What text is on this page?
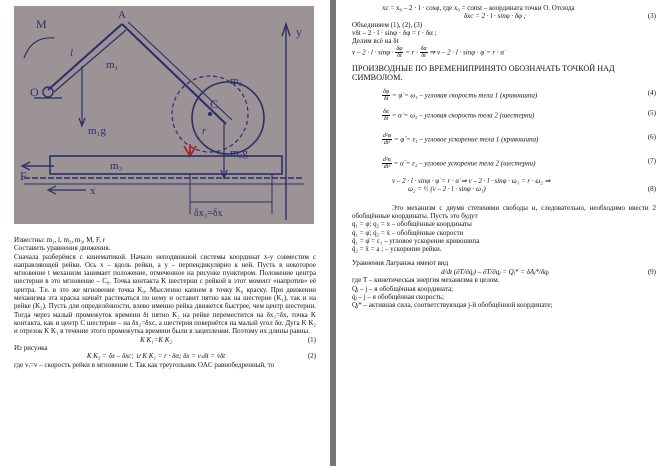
M
A
l
m₁
O
m₁g
C
m₂
r
m₂g
y
F
x
m₃
δx₃=δx

Известны: m₁, l, m₂, m₃, M, F, r

Составить уравнения движения.

Сначала разберёмся с кинематикой. Начало неподвижной системы координат x-y совместим с направляющей рейки. Ось x – вдоль рейки, а y – перпендикулярно к ней. Пусть в некоторое мгновение t механизм занимает положение, отмеченное на рисунке пунктиром. Положение центра шестерни в это мгновение – C₀. Точка контакта K шестерни с рейкой в этот момент «напротив» её центра. Т.е. в это же мгновение точка K₀. Мысленно капнем в точку K₀ краску. При движении механизма эта краска начнёт растекаться по нему и оставит пятно как на шестерне (K₁), так и на рейке (K₂). Пусть для определённости, влево именно рейка движется быстрее, чем центр шестерни. Тогда через малый промежуток времени δt пятно K₂ на рейке переместится на δx₃=δx, точка K контакта, как и центр C шестерни – на δx₂=δxс, а шестерня повернётся на малый угол δα. Дуга K K₂ и отрезок K K₁ в течение этого промежутка времени были в зацеплении. Поэтому их длины равны.

K K₁=K K₂	(1)

Из рисунка

K K₂ = δx – δxс; ∪ K K₁ = r · δα; δx = vₛδt = v̇δt	(2)

где vᵣ=v – скорость рейки в мгновение t. Так как треугольник OAC равнобедренный, то

xс = x₀ – 2 · l · cosφ, где x₀ = const – координата точки O. Отсюда

δxс = 2 · l · sinφ · δφ ;	(3)

Объединяем (1), (2), (3)

vδt – 2 · l · sinφ · δφ = r · δα ;

Делим всё на δt

$v - 2 \cdot l \cdot \sin\varphi \cdot \frac{\delta\varphi}{\delta t} = r \cdot \frac{\delta\alpha}{\delta t}$ ⇒ v – 2 · l · sinφ · φ̇ = r · α̇

ПРОИЗВОДНЫЕ ПО ВРЕМЕНИПРИНЯТО ОБОЗНАЧАТЬ ТОЧКОЙ НАД СИМВОЛОМ.

$\frac{\delta\varphi}{\delta t}$ = φ̇ = ω₁ – угловая скорость тела 1 (кривошипа)	(4)
$\frac{\delta\alpha}{\delta t}$ = α̇ = ω₂ – угловая скорость тела 2 (шестерни)	(5)
$\frac{\text{d²φ}}{\text{dt²}}$ = φ̈ = ε₁ – угловое ускорение тела 1 (кривошипа)	(6)
$\frac{\text{d²α}}{\text{dt²}}$ = α̈ = ε₂ – угловое ускорение тела 2 (шестерни)	(7)

v – 2 · l · sinφ · φ̇ = r · α̇ ⇒ v – 2 · l · sinφ · ω₁ = r · ω₂ ⇒

ω₂ = ¹⁄ᵣ (v – 2 · l · sinφ · ω₁)	(8)

Это механизм с двумя степенями свободы и, следовательно, необходимо ввести 2 обобщённые координаты. Пусть это будут

q₁ = φ; q₂ = x – обобщённые координаты

q̇₁ = φ̇; q̇₂ = ẋ – обобщённые скорости

q̈₁ = φ̈ = ε₁ – угловое ускорение кривошипа

q̈₂ = ẍ = a ; – ускорение рейки.

Уравнения Лагранжа имеют вид

d/dt (∂T/∂q̇ⱼ) – ∂T/∂qⱼ = Qⱼ* = δAⱼ*/δqⱼ	(9)

где T – кинетическая энергия механизма в целом.

Qⱼ – j – я обобщённая координата;

q̇ⱼ – j – я обобщённая скорость;

Qⱼ* – активная сила, соответствующая j-й обобщённой координате;
